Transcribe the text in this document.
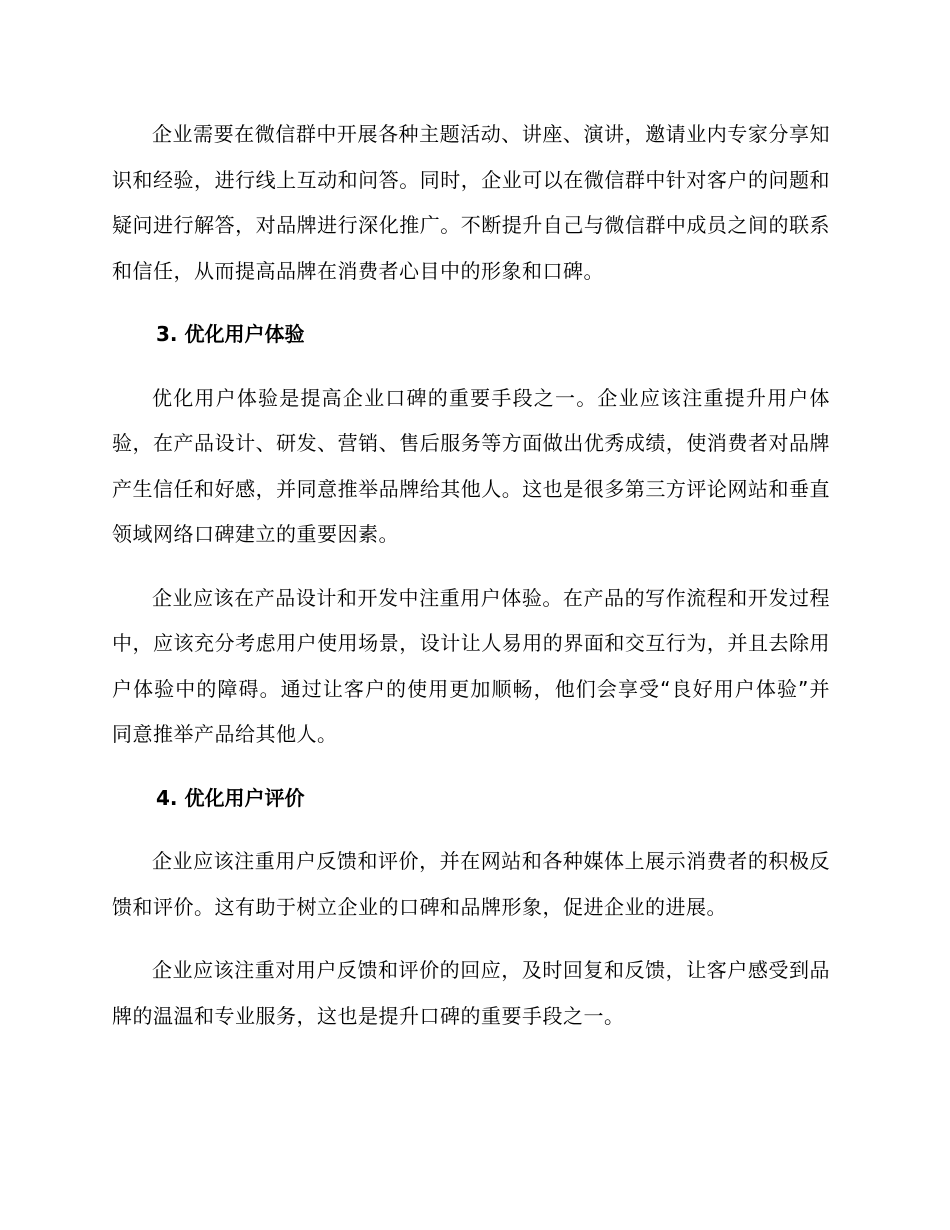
企业需要在微信群中开展各种主题活动、讲座、演讲，邀请业内专家分享知识和经验，进行线上互动和问答。同时，企业可以在微信群中针对客户的问题和疑问进行解答，对品牌进行深化推广。不断提升自己与微信群中成员之间的联系和信任，从而提高品牌在消费者心目中的形象和口碑。

3. 优化用户体验

优化用户体验是提高企业口碑的重要手段之一。企业应该注重提升用户体验，在产品设计、研发、营销、售后服务等方面做出优秀成绩，使消费者对品牌产生信任和好感，并同意推举品牌给其他人。这也是很多第三方评论网站和垂直领域网络口碑建立的重要因素。

企业应该在产品设计和开发中注重用户体验。在产品的写作流程和开发过程中，应该充分考虑用户使用场景，设计让人易用的界面和交互行为，并且去除用户体验中的障碍。通过让客户的使用更加顺畅，他们会享受“良好用户体验”并同意推举产品给其他人。

4. 优化用户评价

企业应该注重用户反馈和评价，并在网站和各种媒体上展示消费者的积极反馈和评价。这有助于树立企业的口碑和品牌形象，促进企业的进展。

企业应该注重对用户反馈和评价的回应，及时回复和反馈，让客户感受到品牌的温温和专业服务，这也是提升口碑的重要手段之一。
